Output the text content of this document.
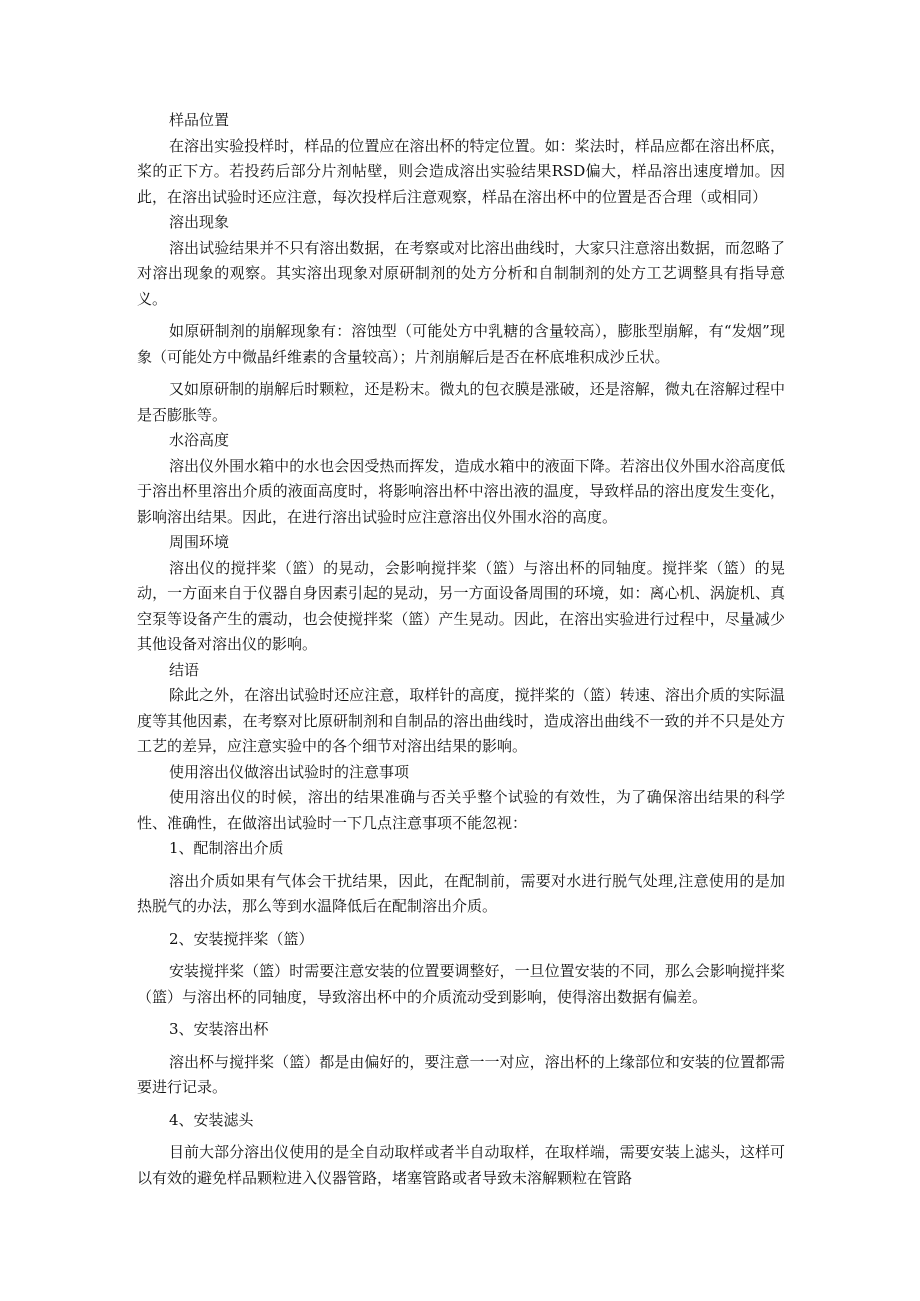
样品位置

在溶出实验投样时，样品的位置应在溶出杯的特定位置。如：桨法时，样品应都在溶出杯底，桨的正下方。若投药后部分片剂帖壁，则会造成溶出实验结果RSD偏大，样品溶出速度增加。因此，在溶出试验时还应注意，每次投样后注意观察，样品在溶出杯中的位置是否合理（或相同）

溶出现象

溶出试验结果并不只有溶出数据，在考察或对比溶出曲线时，大家只注意溶出数据，而忽略了对溶出现象的观察。其实溶出现象对原研制剂的处方分析和自制制剂的处方工艺调整具有指导意义。

如原研制剂的崩解现象有：溶蚀型（可能处方中乳糖的含量较高），膨胀型崩解，有“发烟”现象（可能处方中微晶纤维素的含量较高）；片剂崩解后是否在杯底堆积成沙丘状。

又如原研制的崩解后时颗粒，还是粉末。微丸的包衣膜是涨破，还是溶解，微丸在溶解过程中是否膨胀等。

水浴高度

溶出仪外围水箱中的水也会因受热而挥发，造成水箱中的液面下降。若溶出仪外围水浴高度低于溶出杯里溶出介质的液面高度时，将影响溶出杯中溶出液的温度，导致样品的溶出度发生变化，影响溶出结果。因此，在进行溶出试验时应注意溶出仪外围水浴的高度。

周围环境

溶出仪的搅拌桨（篮）的晃动，会影响搅拌桨（篮）与溶出杯的同轴度。搅拌桨（篮）的晃动，一方面来自于仪器自身因素引起的晃动，另一方面设备周围的环境，如：离心机、涡旋机、真空泵等设备产生的震动，也会使搅拌桨（篮）产生晃动。因此，在溶出实验进行过程中，尽量减少其他设备对溶出仪的影响。

结语

除此之外，在溶出试验时还应注意，取样针的高度，搅拌桨的（篮）转速、溶出介质的实际温度等其他因素，在考察对比原研制剂和自制品的溶出曲线时，造成溶出曲线不一致的并不只是处方工艺的差异，应注意实验中的各个细节对溶出结果的影响。

使用溶出仪做溶出试验时的注意事项

使用溶出仪的时候，溶出的结果准确与否关乎整个试验的有效性，为了确保溶出结果的科学性、准确性，在做溶出试验时一下几点注意事项不能忽视：

1、配制溶出介质

溶出介质如果有气体会干扰结果，因此，在配制前，需要对水进行脱气处理,注意使用的是加热脱气的办法，那么等到水温降低后在配制溶出介质。

2、安装搅拌桨（篮）

安装搅拌桨（篮）时需要注意安装的位置要调整好，一旦位置安装的不同，那么会影响搅拌桨（篮）与溶出杯的同轴度，导致溶出杯中的介质流动受到影响，使得溶出数据有偏差。

3、安装溶出杯

溶出杯与搅拌桨（篮）都是由偏好的，要注意一一对应，溶出杯的上缘部位和安装的位置都需要进行记录。

4、安装滤头

目前大部分溶出仪使用的是全自动取样或者半自动取样，在取样端，需要安装上滤头，这样可以有效的避免样品颗粒进入仪器管路，堵塞管路或者导致未溶解颗粒在管路
